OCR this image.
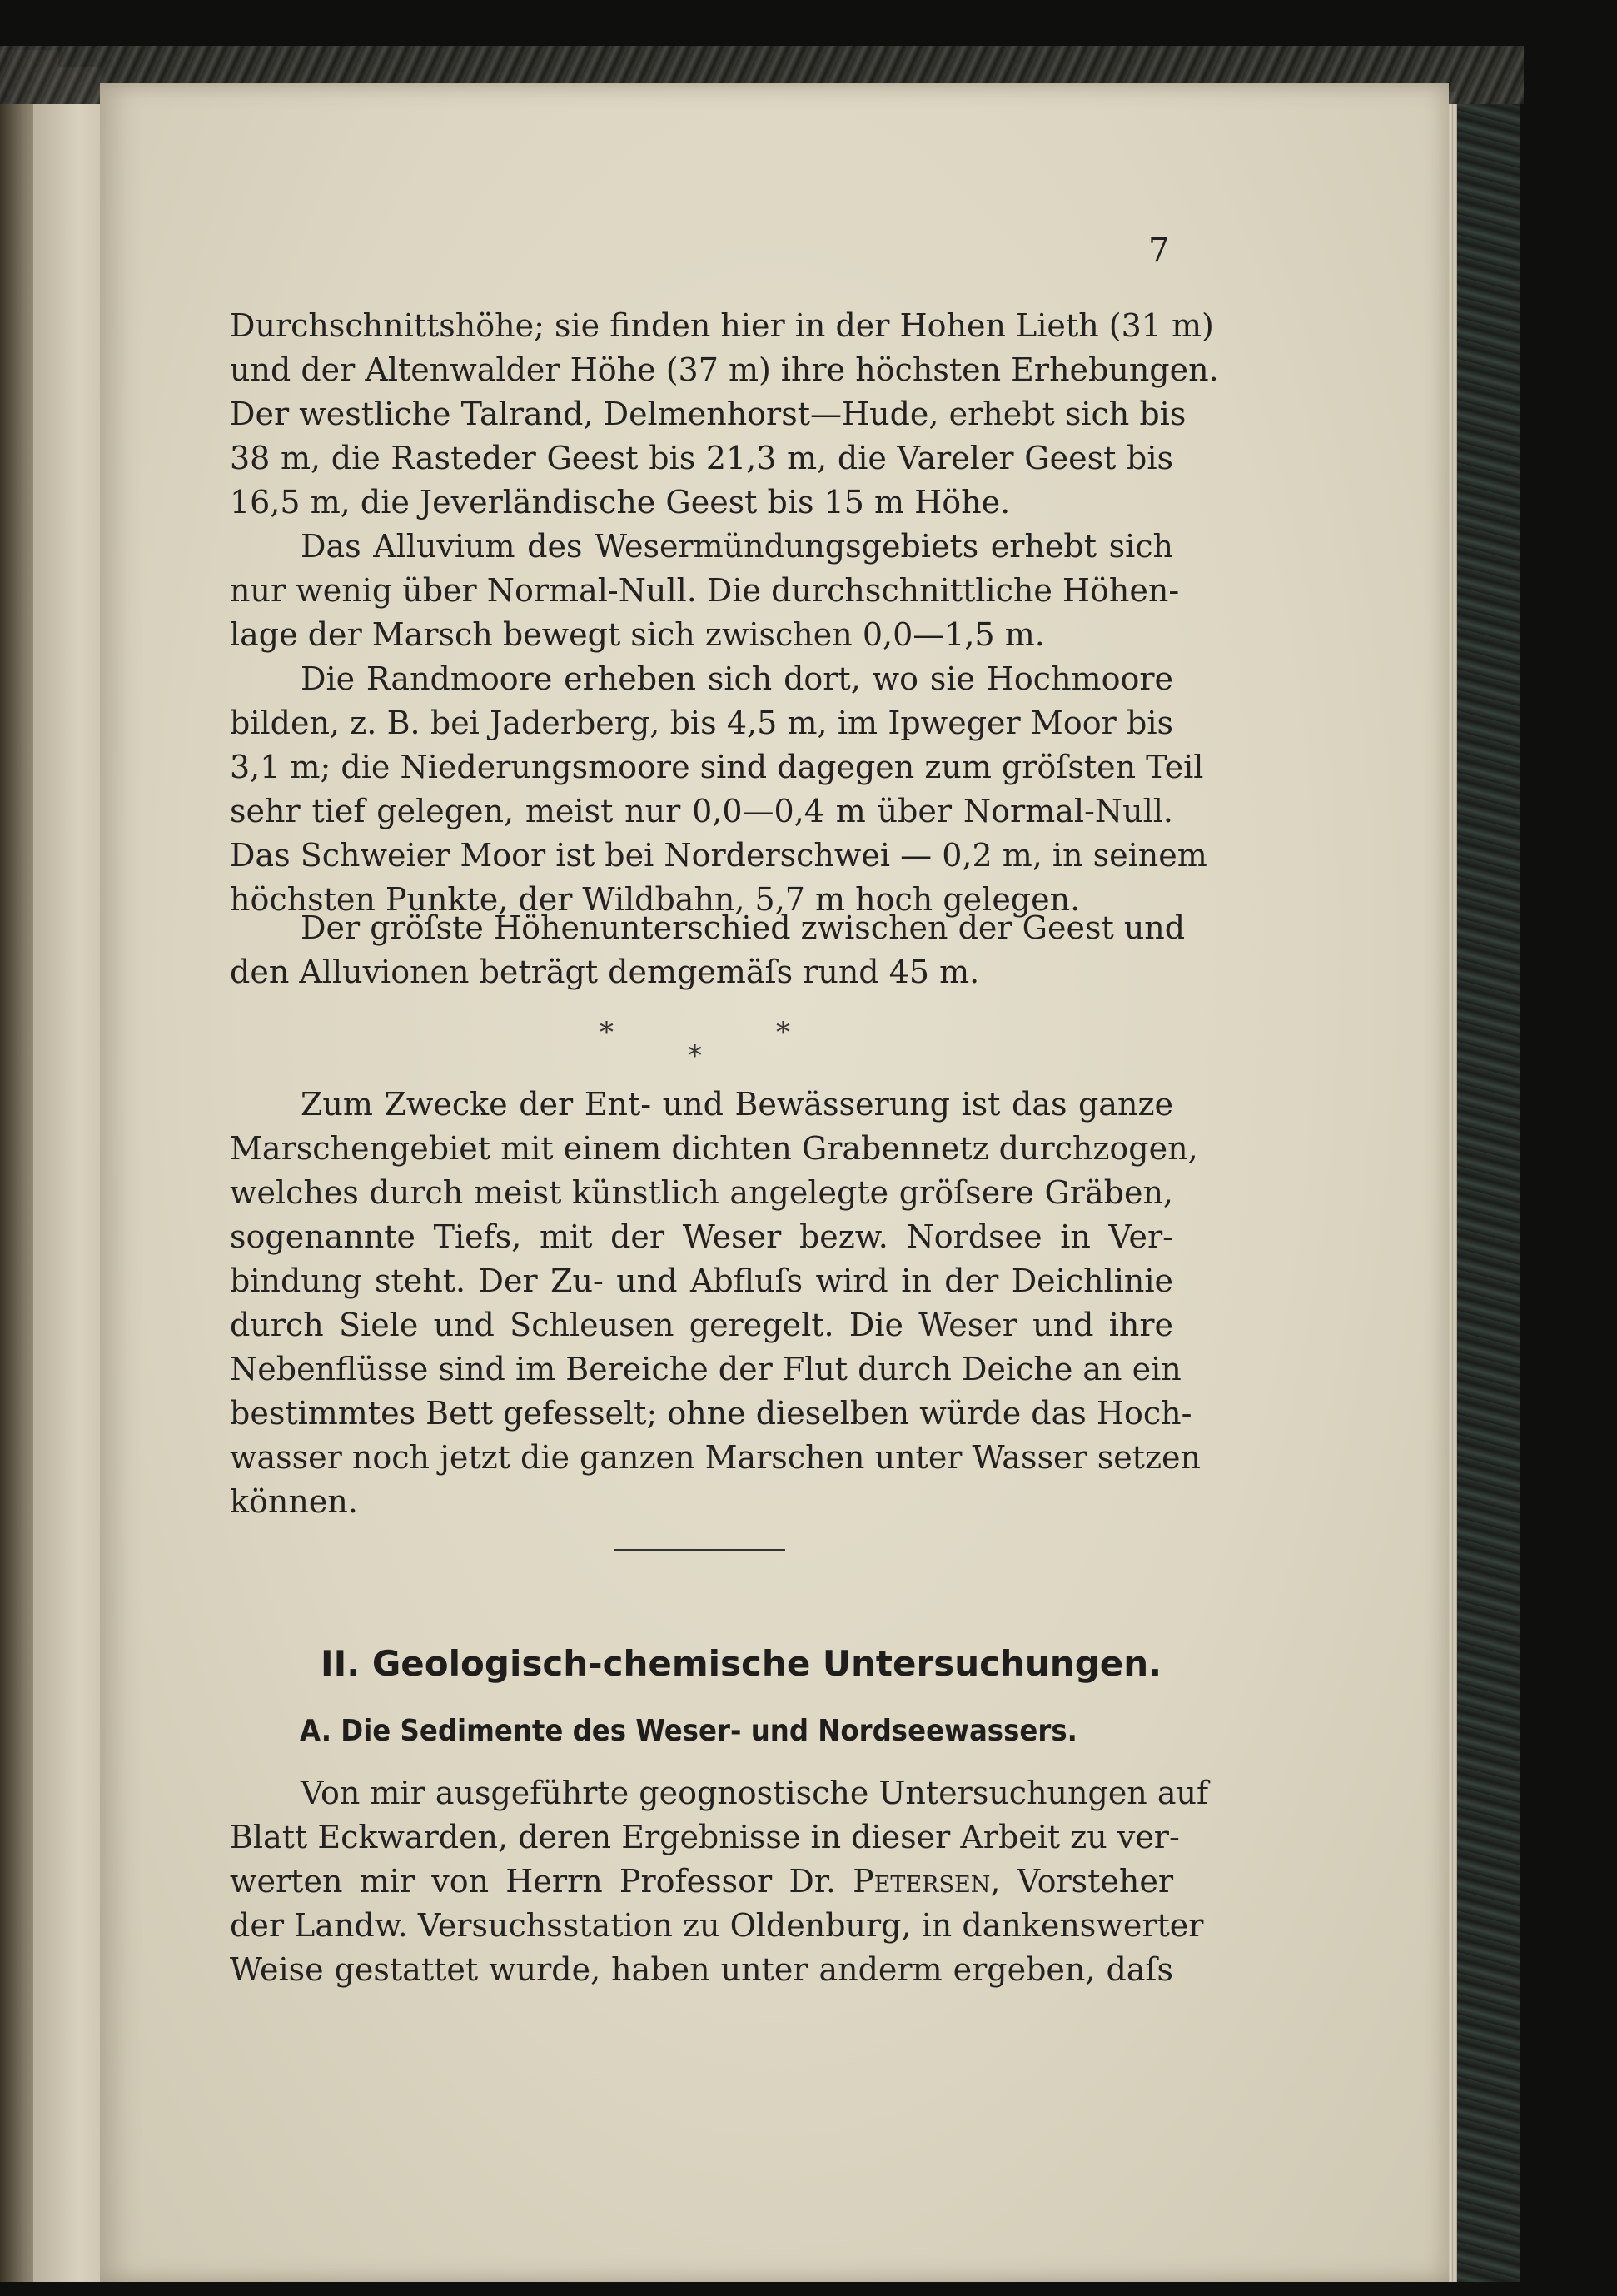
7
Durchschnittshöhe; sie finden hier in der Hohen Lieth (31 m)
und der Altenwalder Höhe (37 m) ihre höchsten Erhebungen.
Der westliche Talrand, Delmenhorst—Hude, erhebt sich bis
38 m, die Rasteder Geest bis 21,3 m, die Vareler Geest bis
16,5 m, die Jeverländische Geest bis 15 m Höhe.
Das Alluvium des Wesermündungsgebiets erhebt sich
nur wenig über Normal-Null. Die durchschnittliche Höhen-
lage der Marsch bewegt sich zwischen 0,0—1,5 m.
Die Randmoore erheben sich dort, wo sie Hochmoore
bilden, z. B. bei Jaderberg, bis 4,5 m, im Ipweger Moor bis
3,1 m; die Niederungsmoore sind dagegen zum gröſsten Teil
sehr tief gelegen, meist nur 0,0—0,4 m über Normal-Null.
Das Schweier Moor ist bei Norderschwei — 0,2 m, in seinem
höchsten Punkte, der Wildbahn, 5,7 m hoch gelegen.
Der gröſste Höhenunterschied zwischen der Geest und
den Alluvionen beträgt demgemäſs rund 45 m.
*	*
*
Zum Zwecke der Ent- und Bewässerung ist das ganze
Marschengebiet mit einem dichten Grabennetz durchzogen,
welches durch meist künstlich angelegte gröſsere Gräben,
sogenannte Tiefs, mit der Weser bezw. Nordsee in Ver-
bindung steht. Der Zu- und Abfluſs wird in der Deichlinie
durch Siele und Schleusen geregelt. Die Weser und ihre
Nebenflüsse sind im Bereiche der Flut durch Deiche an ein
bestimmtes Bett gefesselt; ohne dieselben würde das Hoch-
wasser noch jetzt die ganzen Marschen unter Wasser setzen
können.
II. Geologisch-chemische Untersuchungen.
A. Die Sedimente des Weser- und Nordseewassers.
Von mir ausgeführte geognostische Untersuchungen auf
Blatt Eckwarden, deren Ergebnisse in dieser Arbeit zu ver-
werten mir von Herrn Professor Dr. Petersen, Vorsteher
der Landw. Versuchsstation zu Oldenburg, in dankenswerter
Weise gestattet wurde, haben unter anderm ergeben, daſs
